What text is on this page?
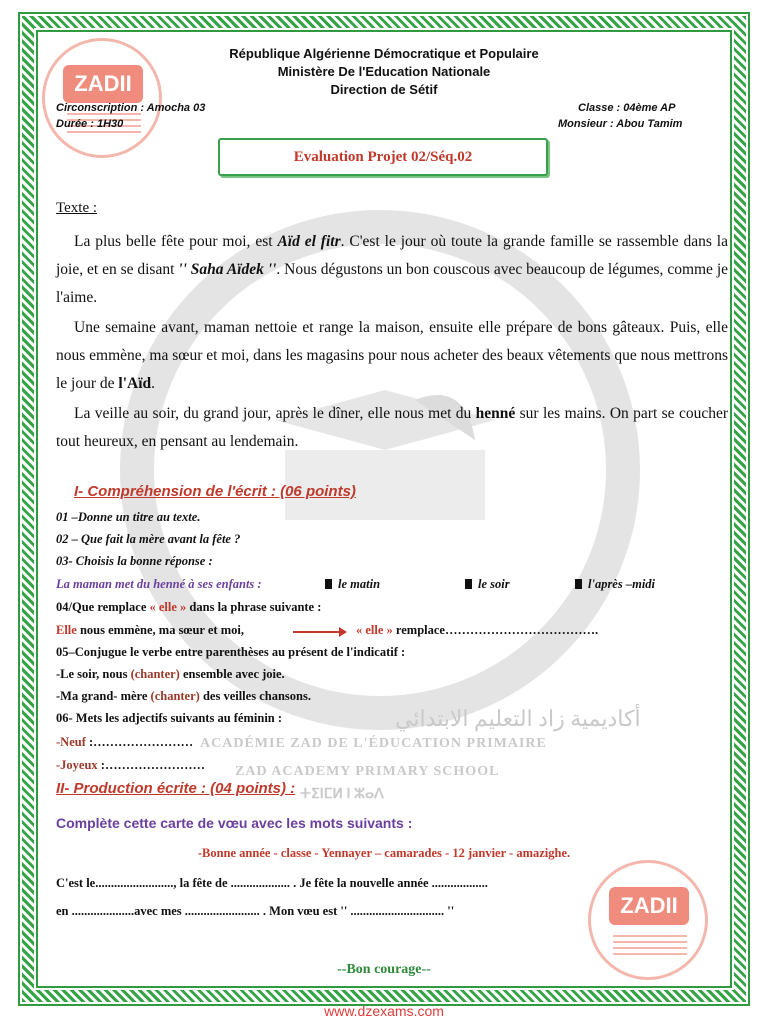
ACADÉMIE ZAD DE L'ÉDUCATION PRIMAIRE
ZAD ACADEMY PRIMARY SCHOOL
أكاديمية زاد التعليم الابتدائي
ⵜⵉⵏⵎⵍ ⵏ ⵣⴰⴷ
ZADII
ZADII
République Algérienne Démocratique et Populaire
Ministère De l'Education Nationale
Direction de Sétif
Circonscription : Amocha 03
Durée : 1H30
Classe : 04ème AP
Monsieur : Abou Tamim
Evaluation Projet 02/Séq.02
Texte :
La plus belle fête pour moi, est Aïd el fitr. C'est le jour où toute la grande famille se rassemble dans la joie, et en se disant '' Saha Aïdek ''. Nous dégustons un bon couscous avec beaucoup de légumes, comme je l'aime.
Une semaine avant, maman nettoie et range la maison, ensuite elle prépare de bons gâteaux. Puis, elle nous emmène, ma sœur et moi, dans les magasins pour nous acheter des beaux vêtements que nous mettrons le jour de l'Aïd.
La veille au soir, du grand jour, après le dîner, elle nous met du henné sur les mains. On part se coucher tout heureux, en pensant au lendemain.
I- Compréhension de l'écrit : (06 points)
01 –Donne un titre au texte.
02 – Que fait la mère avant la fête ?
03- Choisis la bonne réponse :
La maman met du henné à ses enfants :	le matin	le soir	l'après –midi
04/Que remplace « elle » dans la phrase suivante :
Elle nous emmène, ma sœur et moi,	« elle » remplace……………………………….
05–Conjugue le verbe entre parenthèses au présent de l'indicatif :
-Le soir, nous (chanter) ensemble avec joie.
-Ma grand- mère (chanter) des veilles chansons.
06- Mets les adjectifs suivants au féminin :
-Neuf :……………………
-Joyeux :……………………
II- Production écrite : (04 points) :
Complète cette carte de vœu avec les mots suivants :
-Bonne année - classe - Yennayer – camarades - 12 janvier - amazighe.
C'est le........................., la fête de ................... . Je fête la nouvelle année ..................
en ....................avec mes ........................ . Mon vœu est '' .............................. ''
--Bon courage--
www.dzexams.com
